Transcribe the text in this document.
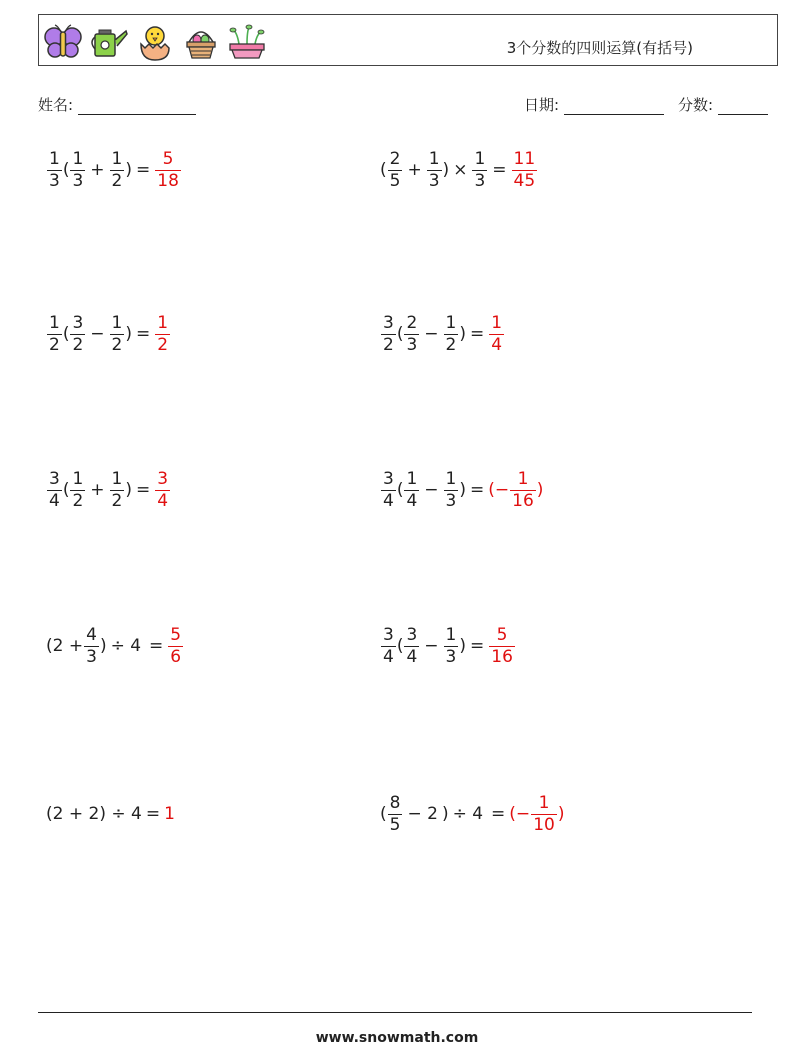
3个分数的四则运算(有括号)
姓名:	日期:	分数:
$\frac{1}{3}$ ( $\frac{1}{3} + \frac{1}{2}$ ) = $\frac{5}{18}$	( $\frac{2}{5} + \frac{1}{3}$ ) × $\frac{1}{3} = \frac{11}{45}$
$\frac{1}{2}$ ( $\frac{3}{2} - \frac{1}{2}$ ) = $\frac{1}{2}$	$\frac{3}{2}$ ( $\frac{2}{3} - \frac{1}{2}$ ) = $\frac{1}{4}$
$\frac{3}{4}$ ( $\frac{1}{2} + \frac{1}{2}$ ) = $\frac{3}{4}$	$\frac{3}{4}$ ( $\frac{1}{4} - \frac{1}{3}$ ) = (− $\frac{1}{16}$ )
($2 + \frac{4}{3}$ ) ÷ $4 = \frac{5}{6}$	$\frac{3}{4}$ ( $\frac{3}{4} - \frac{1}{3}$ ) = $\frac{5}{16}$
(2 + 2) ÷ 4 = 1	( $\frac{8}{5} - 2$ ) ÷ 4 = (− $\frac{1}{10}$ )
www.snowmath.com
